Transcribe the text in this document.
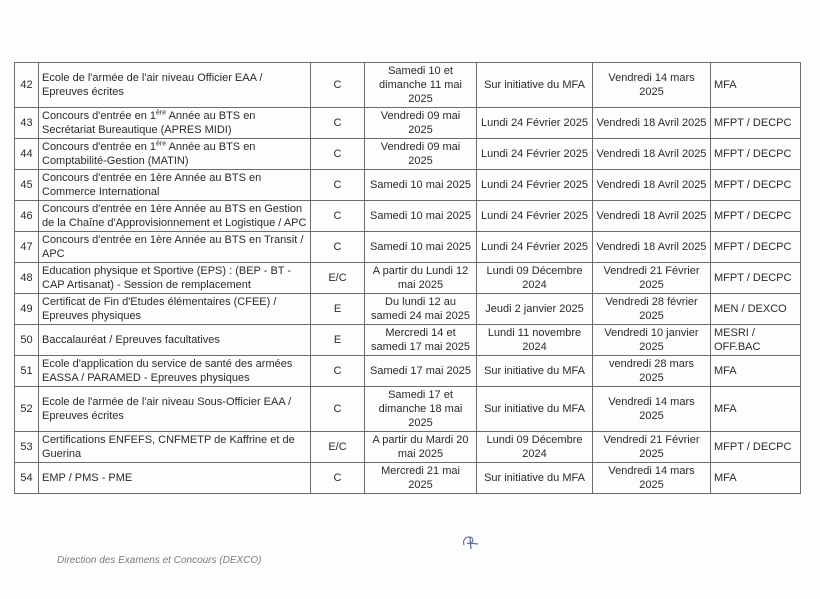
42	Ecole de l'armée de l'air niveau Officier EAA / Epreuves écrites	C	Samedi 10 et dimanche 11 mai 2025	Sur initiative du MFA	Vendredi 14 mars 2025	MFA
43	Concours d'entrée en 1ère Année au BTS en Secrétariat Bureautique (APRES MIDI)	C	Vendredi 09 mai 2025	Lundi 24 Février 2025	Vendredi 18 Avril 2025	MFPT / DECPC
44	Concours d'entrée en 1ère Année au BTS en Comptabilité-Gestion (MATIN)	C	Vendredi 09 mai 2025	Lundi 24 Février 2025	Vendredi 18 Avril 2025	MFPT / DECPC
45	Concours d'entrée en 1ère Année au BTS en Commerce International	C	Samedi 10 mai 2025	Lundi 24 Février 2025	Vendredi 18 Avril 2025	MFPT / DECPC
46	Concours d'entrée en 1ère Année au BTS en Gestion de la Chaîne d'Approvisionnement et Logistique / APC	C	Samedi 10 mai 2025	Lundi 24 Février 2025	Vendredi 18 Avril 2025	MFPT / DECPC
47	Concours d'entrée en 1ère Année au BTS en Transit / APC	C	Samedi 10 mai 2025	Lundi 24 Février 2025	Vendredi 18 Avril 2025	MFPT / DECPC
48	Education physique et Sportive (EPS) : (BEP - BT - CAP Artisanat) - Session de remplacement	E/C	A partir du Lundi 12 mai 2025	Lundi 09 Décembre 2024	Vendredi 21 Février 2025	MFPT / DECPC
49	Certificat de Fin d'Etudes élémentaires (CFEE) / Epreuves physiques	E	Du lundi 12 au samedi 24 mai 2025	Jeudi 2 janvier 2025	Vendredi 28 février 2025	MEN / DEXCO
50	Baccalauréat / Epreuves facultatives	E	Mercredi 14 et samedi 17 mai 2025	Lundi 11 novembre 2024	Vendredi 10 janvier 2025	MESRI / OFF.BAC
51	Ecole d'application du service de santé des armées EASSA / PARAMED - Epreuves physiques	C	Samedi 17 mai 2025	Sur initiative du MFA	vendredi 28 mars 2025	MFA
52	Ecole de l'armée de l'air niveau Sous-Officier EAA / Epreuves écrites	C	Samedi 17 et dimanche 18 mai 2025	Sur initiative du MFA	Vendredi 14 mars 2025	MFA
53	Certifications ENFEFS, CNFMETP de Kaffrine et de Guerina	E/C	A partir du Mardi 20 mai 2025	Lundi 09 Décembre 2024	Vendredi 21 Février 2025	MFPT / DECPC
54	EMP / PMS - PME	C	Mercredi 21 mai 2025	Sur initiative du MFA	Vendredi 14 mars 2025	MFA
Direction des Examens et Concours (DEXCO)
